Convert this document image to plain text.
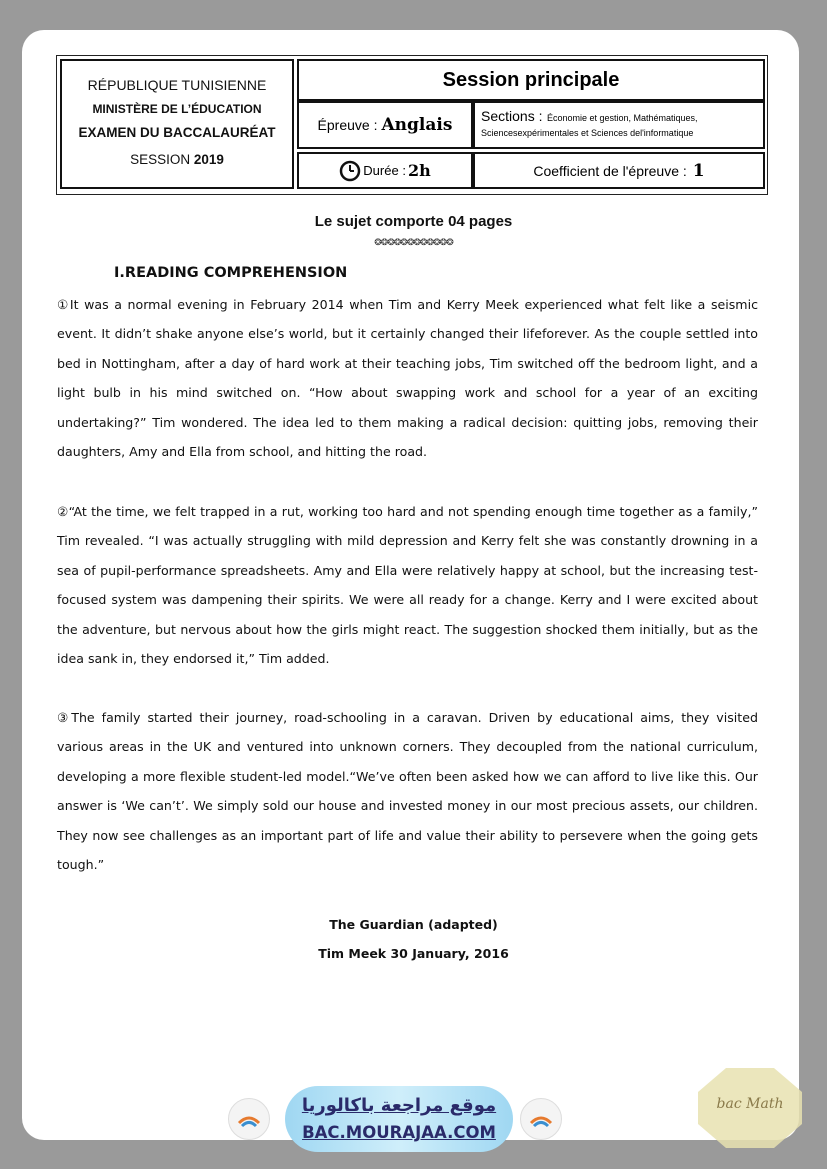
RÉPUBLIQUE TUNISIENNE
MINISTÈRE DE L’ÉDUCATION
EXAMEN DU BACCALAURÉAT
SESSION 2019
Session principale
Épreuve : Anglais	Sections : Économie et gestion, Mathématiques, Sciencesexpérimentales et Sciences del'informatique
Durée : 2h	Coefficient de l'épreuve : 1
Le sujet comporte 04 pages
❂❂❂❂❂❂❂❂❂❂❂❂
I.READING COMPREHENSION

①It was a normal evening in February 2014 when Tim and Kerry Meek experienced what felt like a seismic event. It didn’t shake anyone else’s world, but it certainly changed their lifeforever. As the couple settled into bed in Nottingham, after a day of hard work at their teaching jobs, Tim switched off the bedroom light, and a light bulb in his mind switched on. “How about swapping work and school for a year of an exciting undertaking?” Tim wondered. The idea led to them making a radical decision: quitting jobs, removing their daughters, Amy and Ella from school, and hitting the road.

②“At the time, we felt trapped in a rut, working too hard and not spending enough time together as a family,” Tim revealed. “I was actually struggling with mild depression and Kerry felt she was constantly drowning in a sea of pupil-performance spreadsheets. Amy and Ella were relatively happy at school, but the increasing test-focused system was dampening their spirits. We were all ready for a change. Kerry and I were excited about the adventure, but nervous about how the girls might react. The suggestion shocked them initially, but as the idea sank in, they endorsed it,” Tim added.

③The family started their journey, road-schooling in a caravan. Driven by educational aims, they visited various areas in the UK and ventured into unknown corners. They decoupled from the national curriculum, developing a more flexible student-led model.“We’ve often been asked how we can afford to live like this. Our answer is ‘We can’t’. We simply sold our house and invested money in our most precious assets, our children. They now see challenges as an important part of life and value their ability to persevere when the going gets tough.”

The Guardian (adapted)
Tim Meek 30 January, 2016
موقع مراجعة باكالوريا
BAC.MOURAJAA.COM
bac Math
